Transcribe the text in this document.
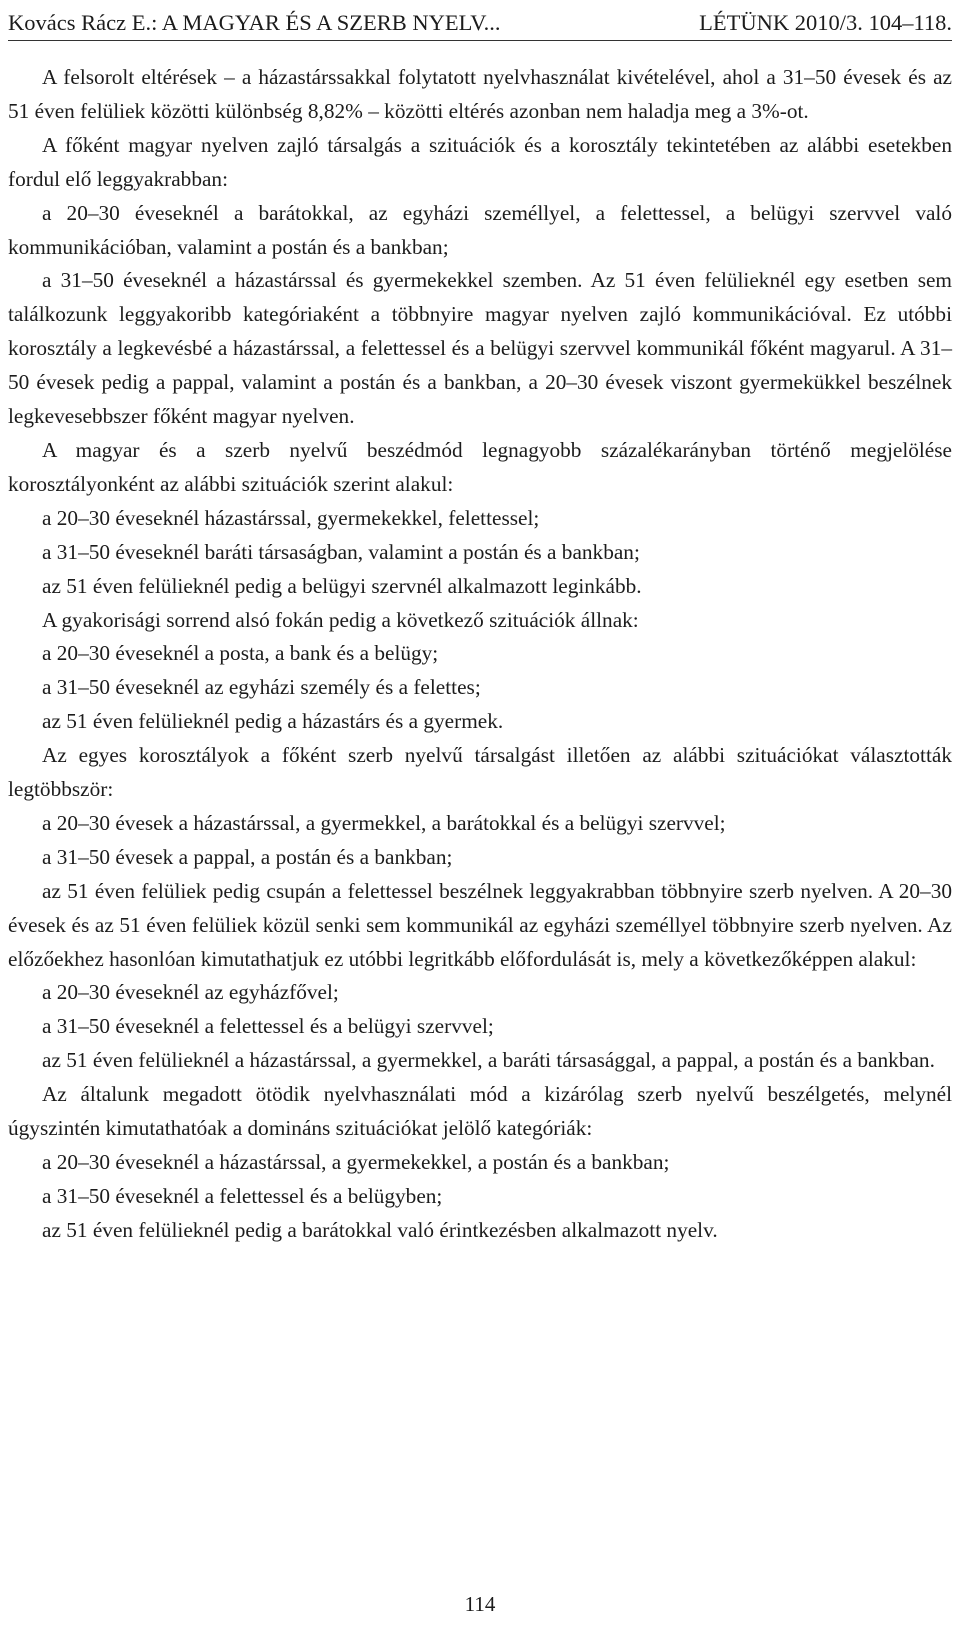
Kovács Rácz E.: A MAGYAR ÉS A SZERB NYELV...	LÉTÜNK 2010/3. 104–118.

A felsorolt eltérések – a házastárssakkal folytatott nyelvhasználat kivételével, ahol a 31–50 évesek és az 51 éven felüliek közötti különbség 8,82% – közötti eltérés azonban nem haladja meg a 3%-ot.

A főként magyar nyelven zajló társalgás a szituációk és a korosztály tekintetében az alábbi esetekben fordul elő leggyakrabban:

a 20–30 éveseknél a barátokkal, az egyházi személlyel, a felettessel, a belügyi szervvel való kommunikációban, valamint a postán és a bankban;

a 31–50 éveseknél a házastárssal és gyermekekkel szemben. Az 51 éven felülieknél egy esetben sem találkozunk leggyakoribb kategóriaként a többnyire magyar nyelven zajló kommunikációval. Ez utóbbi korosztály a legkevésbé a házastárssal, a felettessel és a belügyi szervvel kommunikál főként magyarul. A 31–50 évesek pedig a pappal, valamint a postán és a bankban, a 20–30 évesek viszont gyermekükkel beszélnek legkevesebbszer főként magyar nyelven.

A magyar és a szerb nyelvű beszédmód legnagyobb százalékarányban történő megjelölése korosztályonként az alábbi szituációk szerint alakul:

a 20–30 éveseknél házastárssal, gyermekekkel, felettessel;

a 31–50 éveseknél baráti társaságban, valamint a postán és a bankban;

az 51 éven felülieknél pedig a belügyi szervnél alkalmazott leginkább.

A gyakorisági sorrend alsó fokán pedig a következő szituációk állnak:

a 20–30 éveseknél a posta, a bank és a belügy;

a 31–50 éveseknél az egyházi személy és a felettes;

az 51 éven felülieknél pedig a házastárs és a gyermek.

Az egyes korosztályok a főként szerb nyelvű társalgást illetően az alábbi szituációkat választották legtöbbször:

a 20–30 évesek a házastárssal, a gyermekkel, a barátokkal és a belügyi szervvel;

a 31–50 évesek a pappal, a postán és a bankban;

az 51 éven felüliek pedig csupán a felettessel beszélnek leggyakrabban többnyire szerb nyelven. A 20–30 évesek és az 51 éven felüliek közül senki sem kommunikál az egyházi személlyel többnyire szerb nyelven. Az előzőekhez hasonlóan kimutathatjuk ez utóbbi legritkább előfordulását is, mely a következőképpen alakul:

a 20–30 éveseknél az egyházfővel;

a 31–50 éveseknél a felettessel és a belügyi szervvel;

az 51 éven felülieknél a házastárssal, a gyermekkel, a baráti társasággal, a pappal, a postán és a bankban.

Az általunk megadott ötödik nyelvhasználati mód a kizárólag szerb nyelvű beszélgetés, melynél úgyszintén kimutathatóak a domináns szituációkat jelölő kategóriák:

a 20–30 éveseknél a házastárssal, a gyermekekkel, a postán és a bankban;

a 31–50 éveseknél a felettessel és a belügyben;

az 51 éven felülieknél pedig a barátokkal való érintkezésben alkalmazott nyelv.

114
